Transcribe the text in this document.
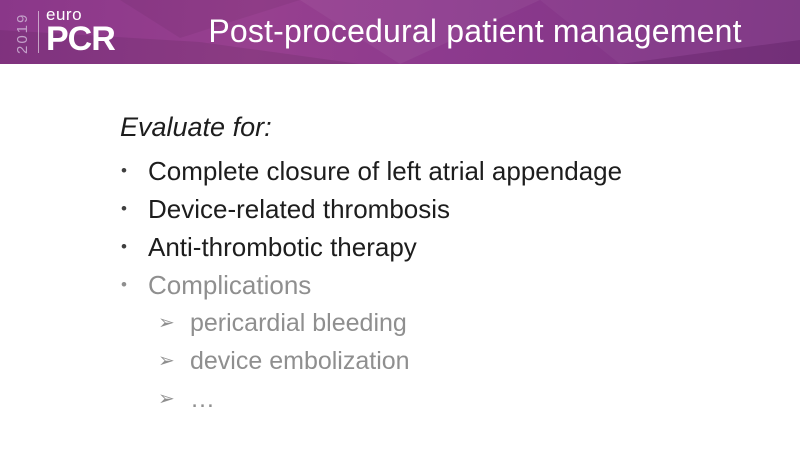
2019 euro
PCR	Post-procedural patient management

Evaluate for:

• Complete closure of left atrial appendage
• Device-related thrombosis
• Anti-thrombotic therapy
• Complications
➢ pericardial bleeding
➢ device embolization
➢ …
